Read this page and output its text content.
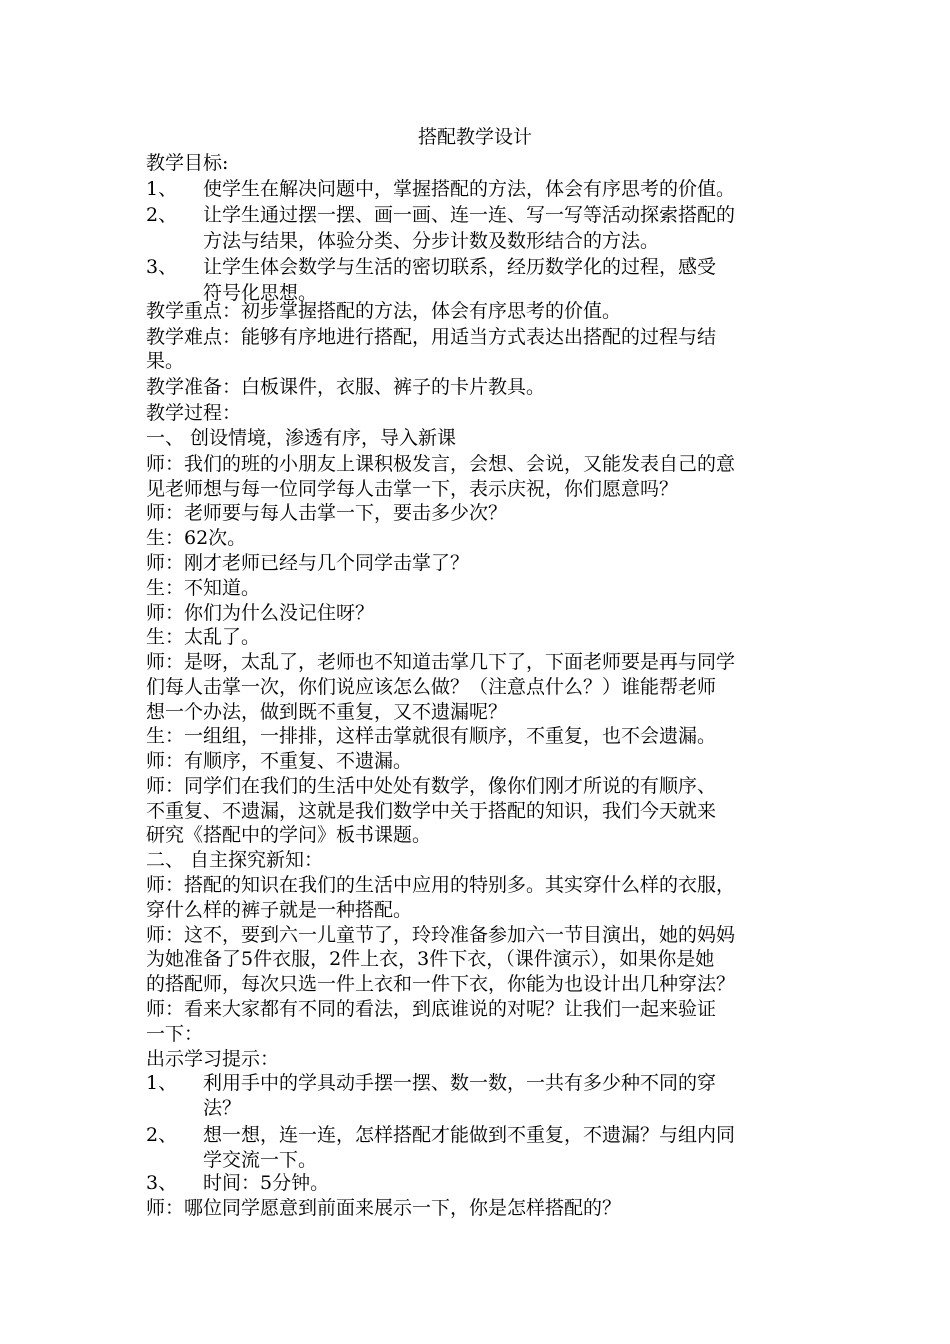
搭配教学设计
教学目标:
1、 使学生在解决问题中，掌握搭配的方法，体会有序思考的价值。
2、 让学生通过摆一摆、画一画、连一连、写一写等活动探索搭配的
方法与结果，体验分类、分步计数及数形结合的方法。
3、 让学生体会数学与生活的密切联系，经历数学化的过程，感受
符号化思想。
教学重点：初步掌握搭配的方法，体会有序思考的价值。
教学难点：能够有序地进行搭配，用适当方式表达出搭配的过程与结
果。
教学准备：白板课件，衣服、裤子的卡片教具。
教学过程：
一、 创设情境，渗透有序，导入新课
师：我们的班的小朋友上课积极发言，会想、会说，又能发表自己的意
见老师想与每一位同学每人击掌一下，表示庆祝，你们愿意吗？
师：老师要与每人击掌一下，要击多少次？
生：62次。
师：刚才老师已经与几个同学击掌了？
生：不知道。
师：你们为什么没记住呀？
生：太乱了。
师：是呀，太乱了，老师也不知道击掌几下了，下面老师要是再与同学
们每人击掌一次，你们说应该怎么做？（注意点什么？）谁能帮老师
想一个办法，做到既不重复，又不遗漏呢？
生：一组组，一排排，这样击掌就很有顺序，不重复，也不会遗漏。
师：有顺序，不重复、不遗漏。
师：同学们在我们的生活中处处有数学，像你们刚才所说的有顺序、
不重复、不遗漏，这就是我们数学中关于搭配的知识，我们今天就来
研究《搭配中的学问》板书课题。
二、 自主探究新知：
师：搭配的知识在我们的生活中应用的特别多。其实穿什么样的衣服，
穿什么样的裤子就是一种搭配。
师：这不，要到六一儿童节了，玲玲准备参加六一节目演出，她的妈妈
为她准备了5件衣服，2件上衣，3件下衣，（课件演示），如果你是她
的搭配师，每次只选一件上衣和一件下衣，你能为也设计出几种穿法？
师：看来大家都有不同的看法，到底谁说的对呢？让我们一起来验证
一下：
出示学习提示：
1、 利用手中的学具动手摆一摆、数一数，一共有多少种不同的穿
法？
2、 想一想，连一连，怎样搭配才能做到不重复，不遗漏？与组内同
学交流一下。
3、 时间：5分钟。
师：哪位同学愿意到前面来展示一下，你是怎样搭配的？
